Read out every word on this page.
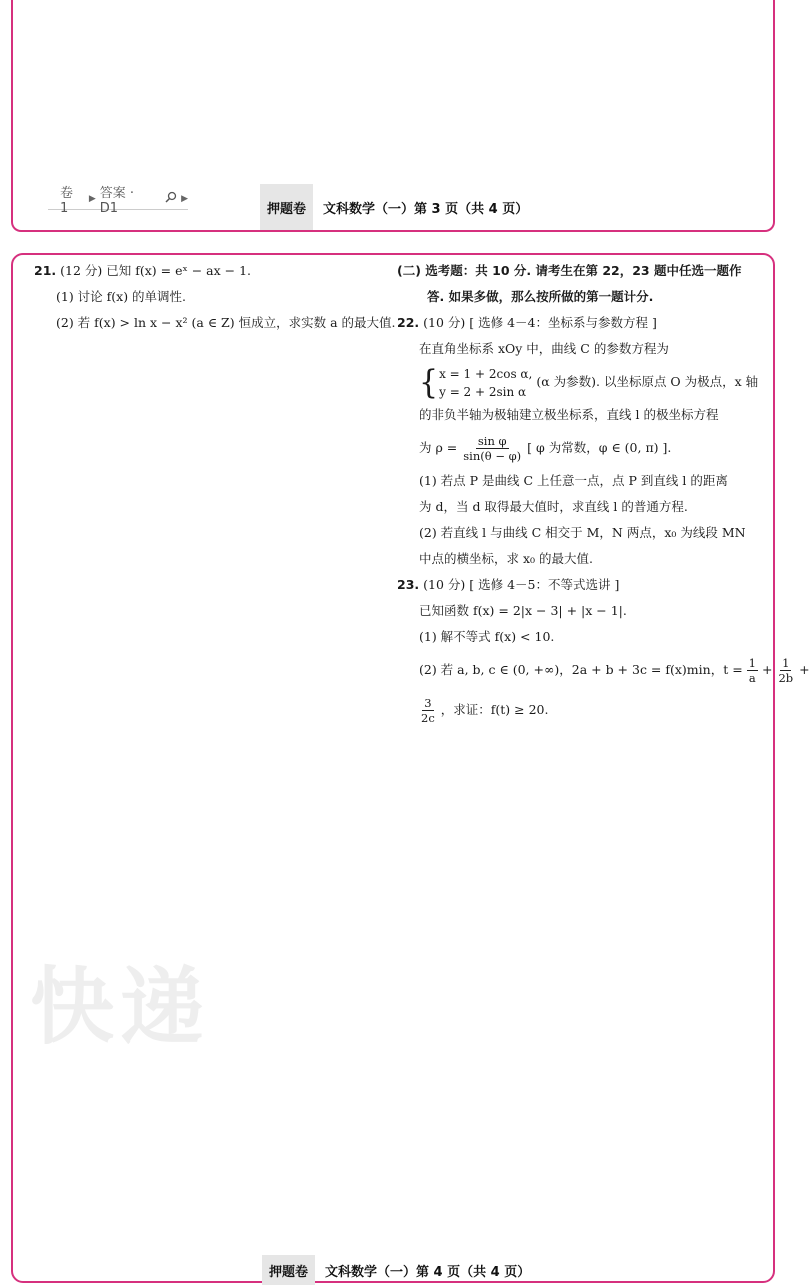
卷 1
▶ 答案 · D1
▶
押题卷	文科数学（一）第 3 页（共 4 页）
快递
21. (12 分) 已知 f(x) = eˣ − ax − 1.
(1) 讨论 f(x) 的单调性.
(2) 若 f(x) > ln x − x² (a ∈ Z) 恒成立，求实数 a 的最大值.
(二) 选考题：共 10 分. 请考生在第 22，23 题中任选一题作
答. 如果多做，那么按所做的第一题计分.
22. (10 分) [ 选修 4－4：坐标系与参数方程 ]
在直角坐标系 xOy 中，曲线 C 的参数方程为
{ x = 1 + 2cos α,
y = 2 + 2sin α
(α 为参数). 以坐标原点 O 为极点，x 轴
的非负半轴为极轴建立极坐标系，直线 l 的极坐标方程
为 $\rho = \frac{\text{sin φ}}{\sin(\theta - \varphi)}$ [ φ 为常数，φ ∈ (0, π) ].
(1) 若点 P 是曲线 C 上任意一点，点 P 到直线 l 的距离
为 d，当 d 取得最大值时，求直线 l 的普通方程.
(2) 若直线 l 与曲线 C 相交于 M，N 两点，x₀ 为线段 MN
中点的横坐标，求 x₀ 的最大值.
23. (10 分) [ 选修 4－5：不等式选讲 ]
已知函数 f(x) = 2|x − 3| + |x − 1|.
(1) 解不等式 f(x) < 10.
(2) 若 a, b, c ∈ (0, +∞)，2a + b + 3c = f(x)min，$t = \frac{1}{a} + \frac{1}{2b}$ +
$\frac{3}{2c}$ ，求证：f(t) ≥ 20.
押题卷	文科数学（一）第 4 页（共 4 页）
